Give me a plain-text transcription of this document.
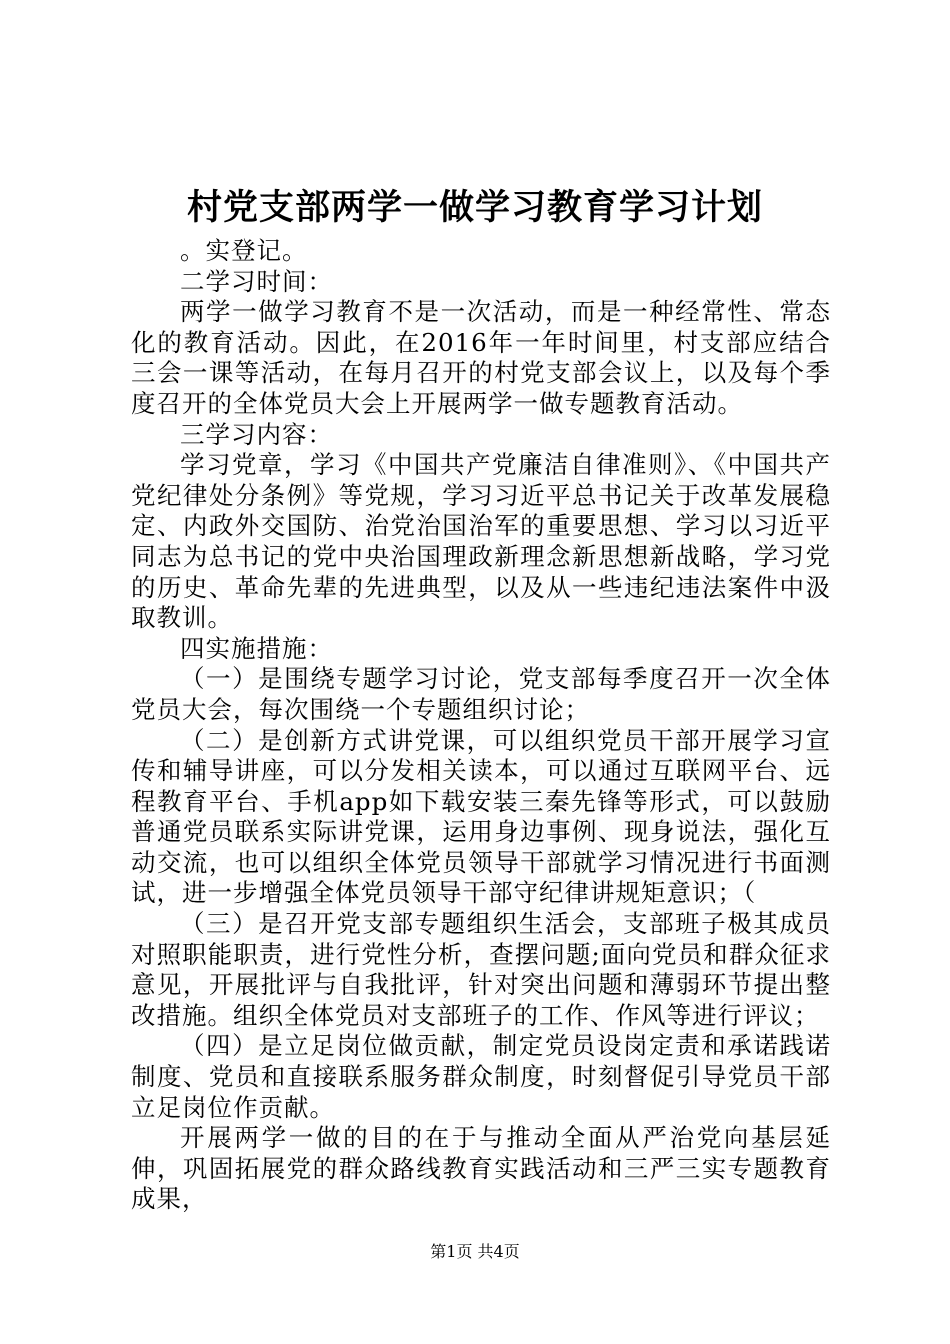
村党支部两学一做学习教育学习计划

。实登记。

二学习时间：

两学一做学习教育不是一次活动，而是一种经常性、常态化的教育活动。因此，在2016年一年时间里，村支部应结合三会一课等活动，在每月召开的村党支部会议上，以及每个季度召开的全体党员大会上开展两学一做专题教育活动。

三学习内容：

学习党章，学习《中国共产党廉洁自律准则》、《中国共产党纪律处分条例》等党规，学习习近平总书记关于改革发展稳定、内政外交国防、治党治国治军的重要思想、学习以习近平同志为总书记的党中央治国理政新理念新思想新战略，学习党的历史、革命先辈的先进典型，以及从一些违纪违法案件中汲取教训。

四实施措施：

（一）是围绕专题学习讨论，党支部每季度召开一次全体党员大会，每次围绕一个专题组织讨论；

（二）是创新方式讲党课，可以组织党员干部开展学习宣传和辅导讲座，可以分发相关读本，可以通过互联网平台、远程教育平台、手机app如下载安装三秦先锋等形式，可以鼓励普通党员联系实际讲党课，运用身边事例、现身说法，强化互动交流，也可以组织全体党员领导干部就学习情况进行书面测试，进一步增强全体党员领导干部守纪律讲规矩意识；（

（三）是召开党支部专题组织生活会，支部班子极其成员对照职能职责，进行党性分析，查摆问题;面向党员和群众征求意见，开展批评与自我批评，针对突出问题和薄弱环节提出整改措施。组织全体党员对支部班子的工作、作风等进行评议；

（四）是立足岗位做贡献，制定党员设岗定责和承诺践诺制度、党员和直接联系服务群众制度，时刻督促引导党员干部立足岗位作贡献。

开展两学一做的目的在于与推动全面从严治党向基层延伸，巩固拓展党的群众路线教育实践活动和三严三实专题教育成果，

第1页 共4页
